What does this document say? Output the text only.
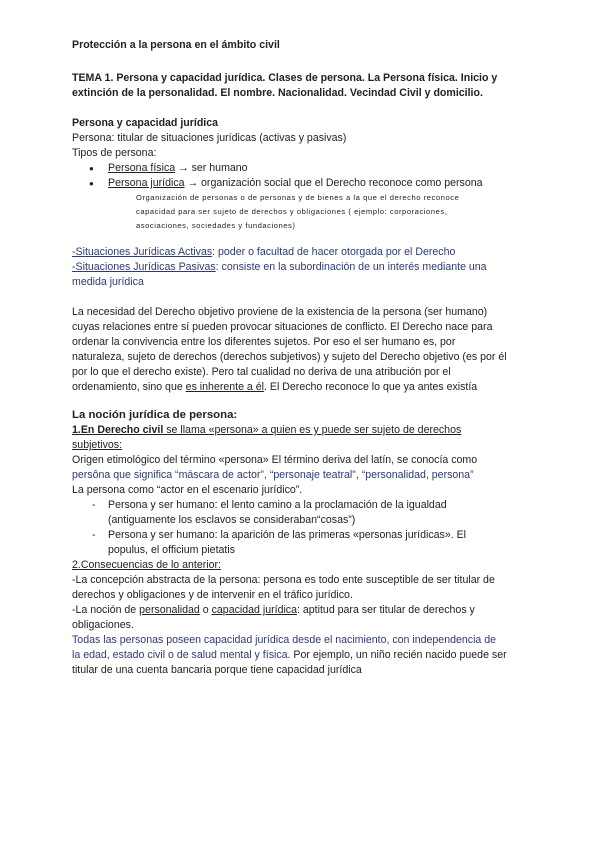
Protección a la persona en el ámbito civil
TEMA 1. Persona y capacidad jurídica. Clases de persona. La Persona física. Inicio y
extinción de la personalidad. El nombre. Nacionalidad. Vecindad Civil y domicilio.
Persona y capacidad jurídica
Persona: titular de situaciones jurídicas (activas y pasivas)
Tipos de persona:
● Persona física → ser humano
● Persona jurídica → organización social que el Derecho reconoce como persona
Organización de personas o de personas y de bienes a la que el derecho reconoce
capacidad para ser sujeto de derechos y obligaciones ( ejemplo: corporaciones,
asociaciones, sociedades y fundaciones)
-Situaciones Jurídicas Activas: poder o facultad de hacer otorgada por el Derecho
-Situaciones Jurídicas Pasivas: consiste en la subordinación de un interés mediante una
medida jurídica
La necesidad del Derecho objetivo proviene de la existencia de la persona (ser humano)
cuyas relaciones entre sí pueden provocar situaciones de conflicto. El Derecho nace para
ordenar la convivencia entre los diferentes sujetos. Por eso el ser humano es, por
naturaleza, sujeto de derechos (derechos subjetivos) y sujeto del Derecho objetivo (es por él
por lo que el derecho existe). Pero tal cualidad no deriva de una atribución por el
ordenamiento, sino que es inherente a él. El Derecho reconoce lo que ya antes existía
La noción jurídica de persona:
1.En Derecho civil se llama «persona» a quien es y puede ser sujeto de derechos
subjetivos:
Origen etimológico del término «persona» El término deriva del latín, se conocía como
persôna que significa “máscara de actor”, “personaje teatral”, “personalidad, persona”
La persona como “actor en el escenario jurídico”.
- Persona y ser humano: el lento camino a la proclamación de la igualdad
(antiguamente los esclavos se consideraban“cosas”)
- Persona y ser humano: la aparición de las primeras «personas jurídicas». El
populus, el officium pietatis
2.Consecuencias de lo anterior:
-La concepción abstracta de la persona: persona es todo ente susceptible de ser titular de
derechos y obligaciones y de intervenir en el tráfico jurídico.
-La noción de personalidad o capacidad jurídica: aptitud para ser titular de derechos y
obligaciones.
Todas las personas poseen capacidad jurídica desde el nacimiento, con independencia de
la edad, estado civil o de salud mental y física. Por ejemplo, un niño recién nacido puede ser
titular de una cuenta bancaria porque tiene capacidad jurídica
